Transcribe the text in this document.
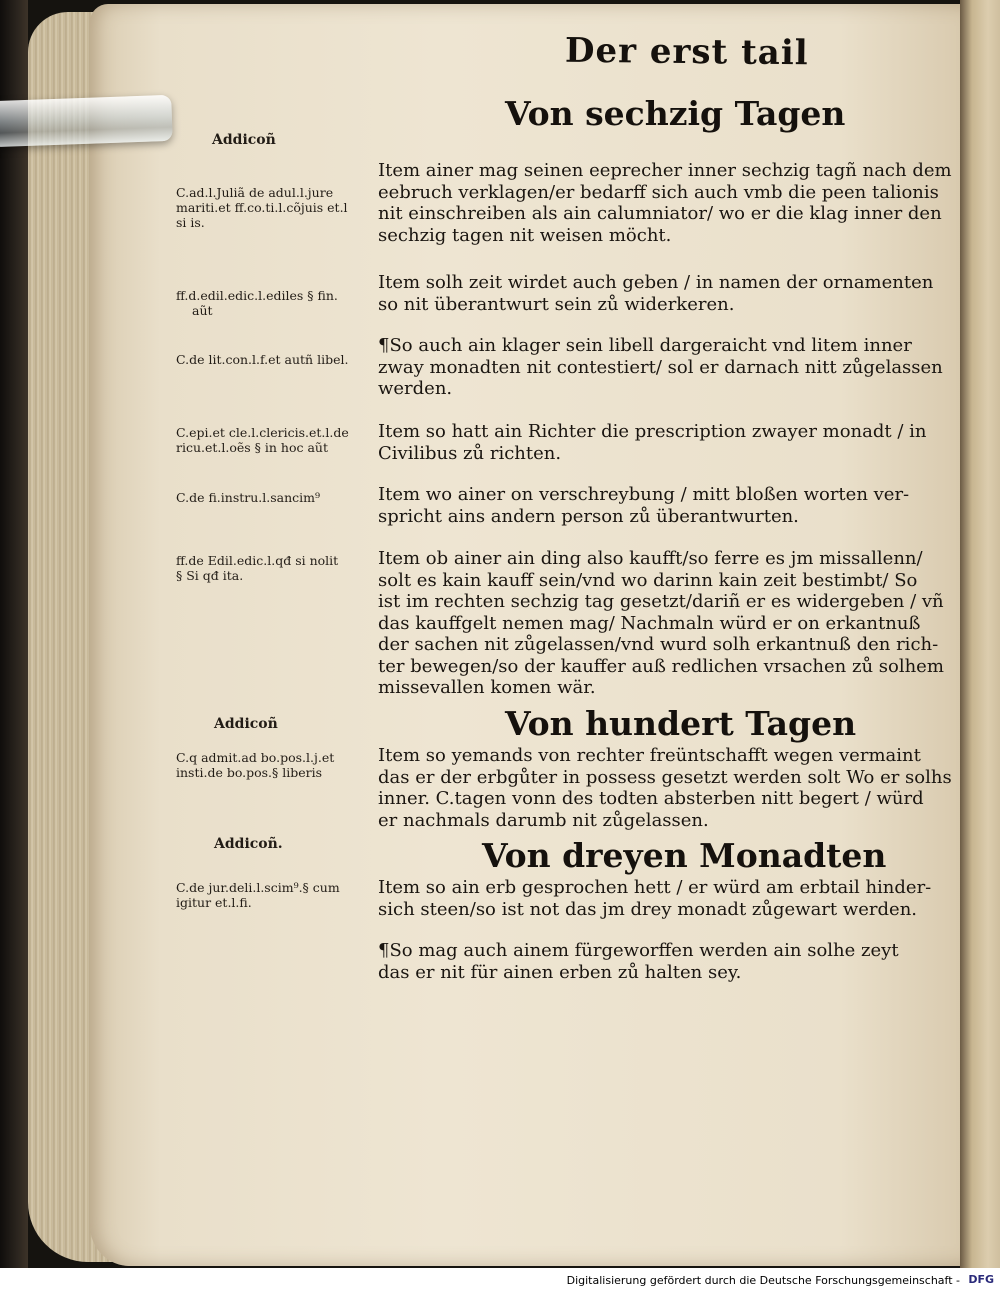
Der erst tail
Von sechzig Tagen
Addicoñ
C.ad.l.Juliã de adul.l.jure
mariti.et ff.co.ti.l.cõjuis et.l
si is.
ff.d.edil.edic.l.ediles § fin.
aũt
C.de lit.con.l.f.et autñ libel.
C.epi.et cle.l.clericis.et.l.de
ricu.et.l.oẽs § in hoc aũt
C.de fi.instru.l.sancim⁹
ff.de Edil.edic.l.qđ si nolit
§ Si qđ ita.
Addicoñ
C.q admit.ad bo.pos.l.j.et
insti.de bo.pos.§ liberis
Addicoñ.
C.de jur.deli.l.scim⁹.§ cum
igitur et.l.fi.
Item ainer mag seinen eeprecher inner sechzig tagñ nach dem
eebruch verklagen/er bedarff sich auch vmb die peen talionis
nit einschreiben als ain calumniator/ wo er die klag inner den
sechzig tagen nit weisen möcht.
Item solh zeit wirdet auch geben / in namen der ornamenten
so nit überantwurt sein zů widerkeren.
¶So auch ain klager sein libell dargeraicht vnd litem inner
zway monadten nit contestiert/ sol er darnach nitt zůgelassen
werden.
Item so hatt ain Richter die prescription zwayer monadt / in
Civilibus zů richten.
Item wo ainer on verschreybung / mitt bloßen worten ver-
spricht ains andern person zů überantwurten.
Item ob ainer ain ding also kaufft/so ferre es jm missallenn/
solt es kain kauff sein/vnd wo darinn kain zeit bestimbt/ So
ist im rechten sechzig tag gesetzt/dariñ er es widergeben / vñ
das kauffgelt nemen mag/ Nachmaln würd er on erkantnuß
der sachen nit zůgelassen/vnd wurd solh erkantnuß den rich-
ter bewegen/so der kauffer auß redlichen vrsachen zů solhem
missevallen komen wär.
Von hundert Tagen
Item so yemands von rechter freüntschafft wegen vermaint
das er der erbgůter in possess gesetzt werden solt Wo er solhs
inner. C.tagen vonn des todten absterben nitt begert / würd
er nachmals darumb nit zůgelassen.
Von dreyen Monadten
Item so ain erb gesprochen hett / er würd am erbtail hinder-
sich steen/so ist not das jm drey monadt zůgewart werden.
¶So mag auch ainem fürgeworffen werden ain solhe zeyt
das er nit für ainen erben zů halten sey.
Digitalisierung gefördert durch die Deutsche Forschungsgemeinschaft - DFG
